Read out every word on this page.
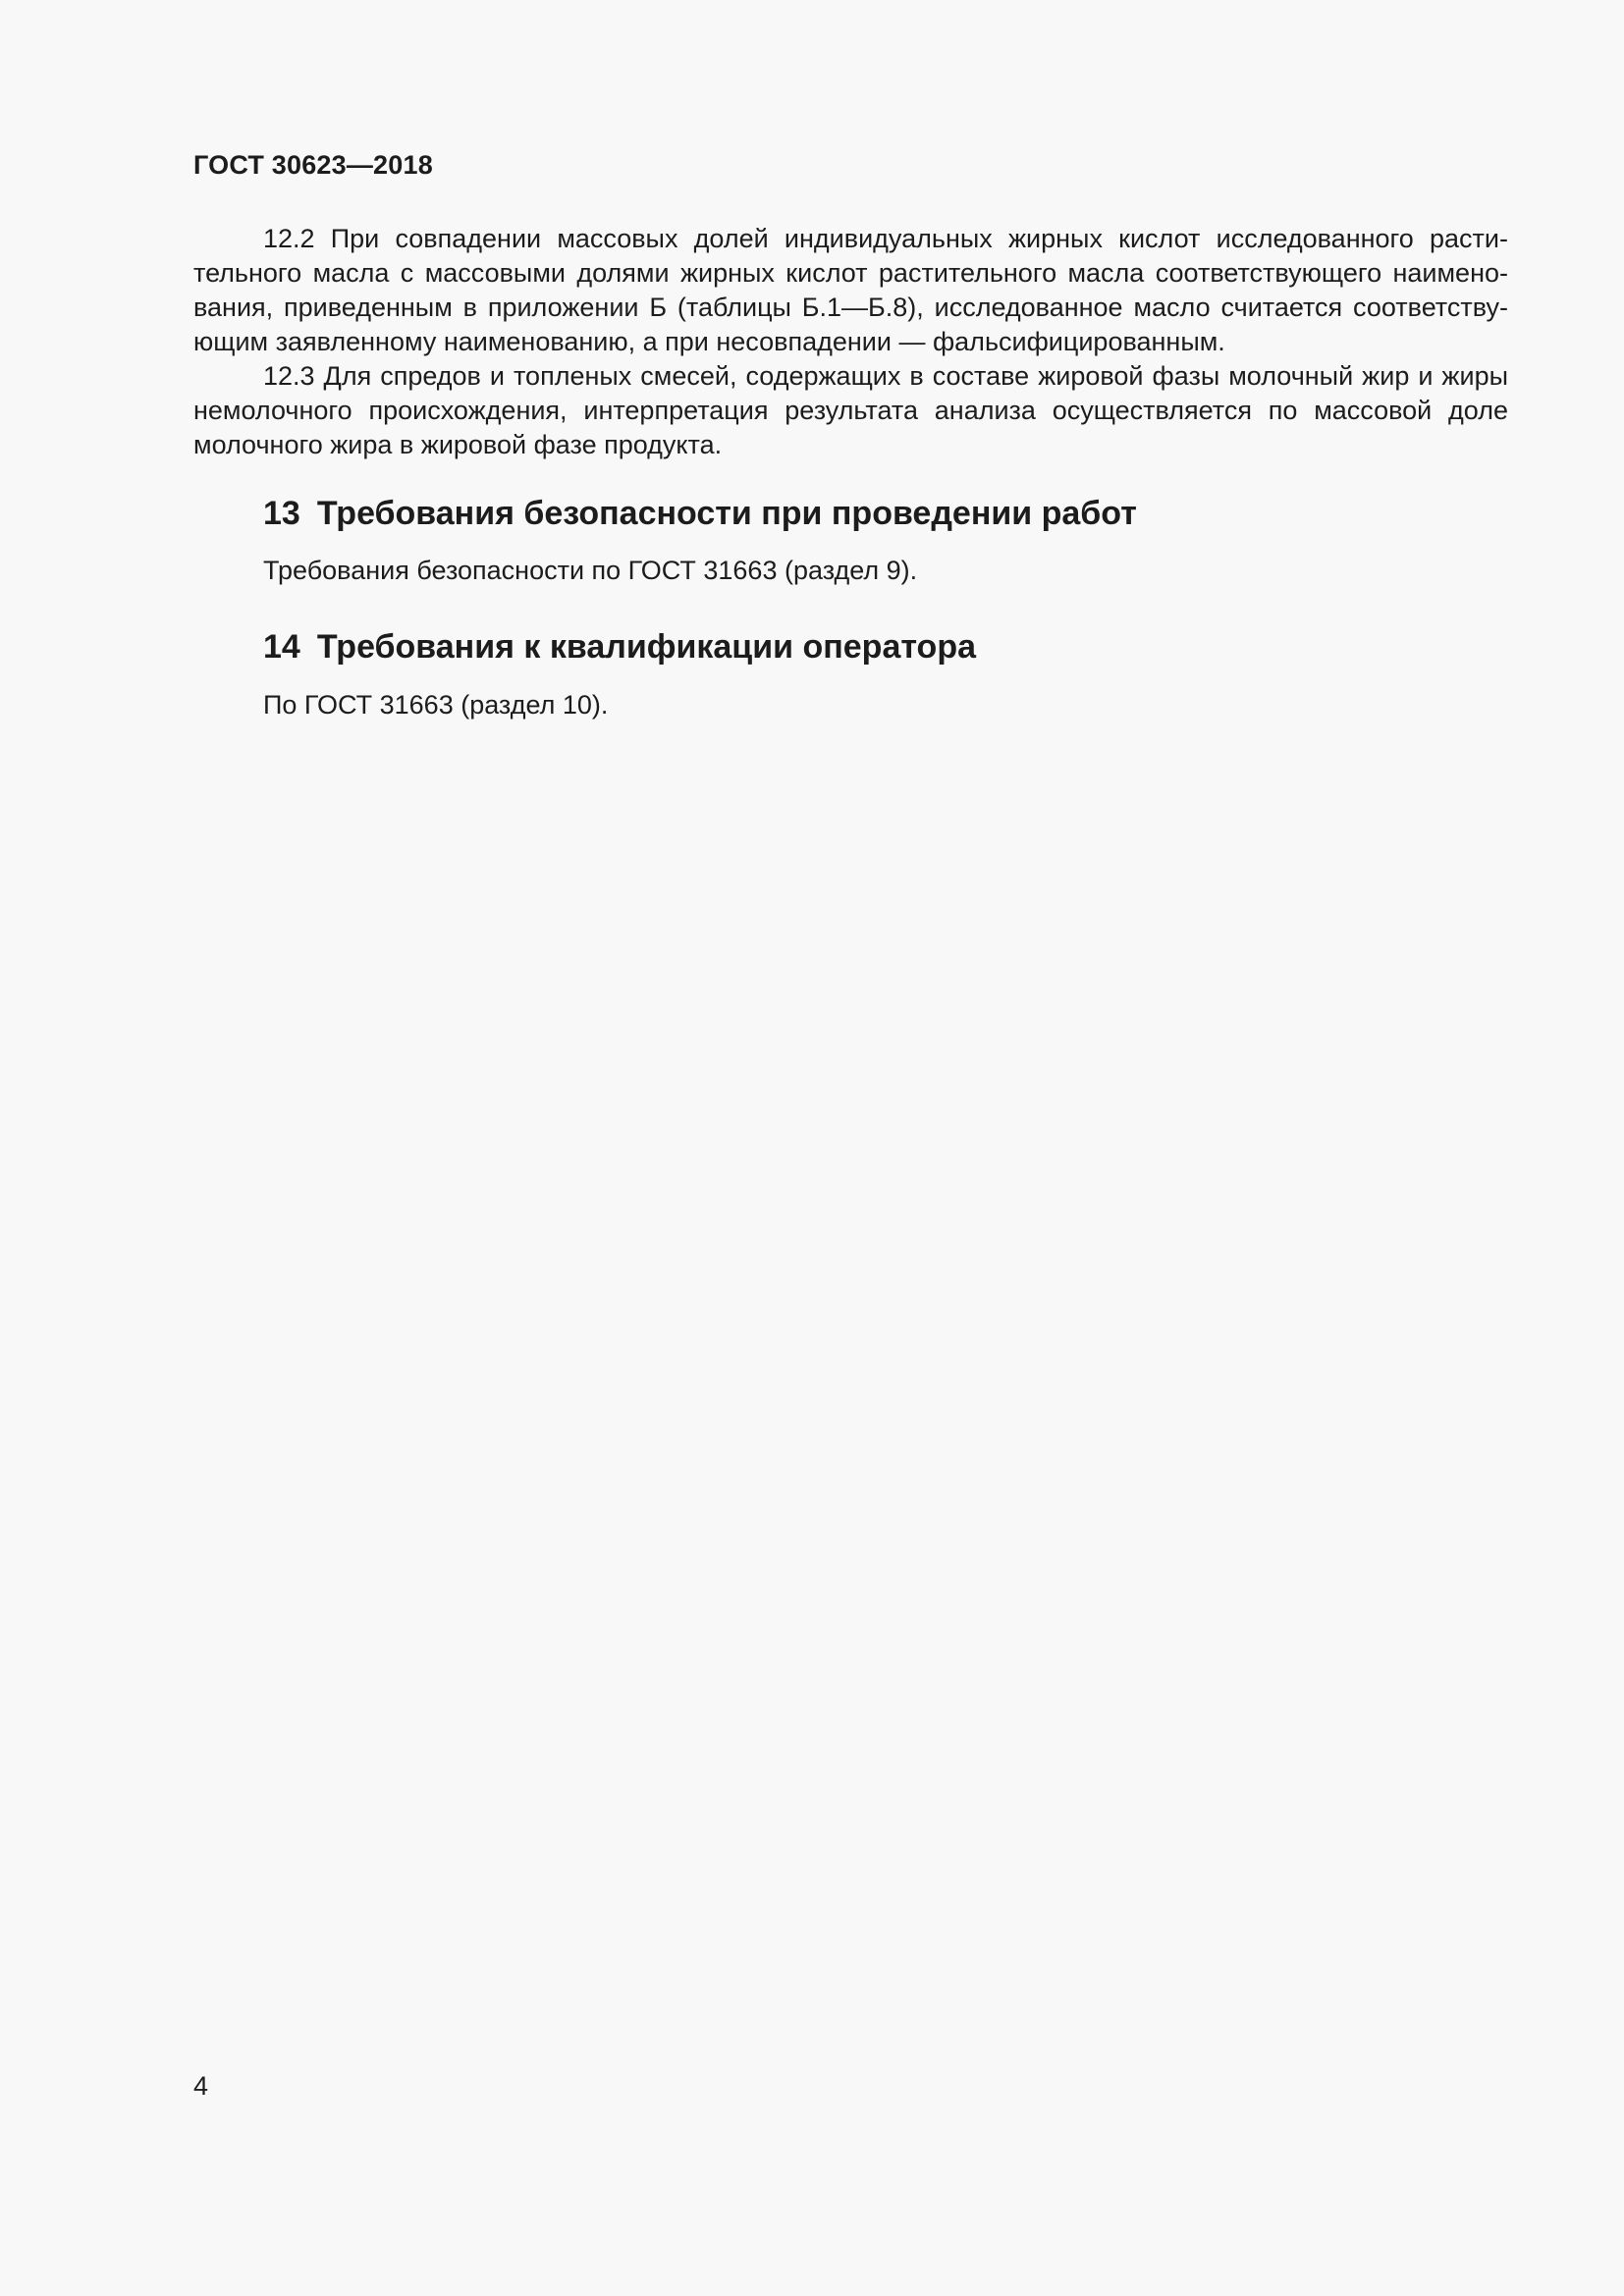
ГОСТ 30623—2018

12.2 При совпадении массовых долей индивидуальных жирных кислот исследованного растительного масла с массовыми долями жирных кислот растительного масла соответствующего наименования, приведенным в приложении Б (таблицы Б.1—Б.8), исследованное масло считается соответствующим заявленному наименованию, а при несовпадении — фальсифицированным.

12.3 Для спредов и топленых смесей, содержащих в составе жировой фазы молочный жир и жиры немолочного происхождения, интерпретация результата анализа осуществляется по массовой доле молочного жира в жировой фазе продукта.

13 Требования безопасности при проведении работ
Требования безопасности по ГОСТ 31663 (раздел 9).
14 Требования к квалификации оператора
По ГОСТ 31663 (раздел 10).
4
